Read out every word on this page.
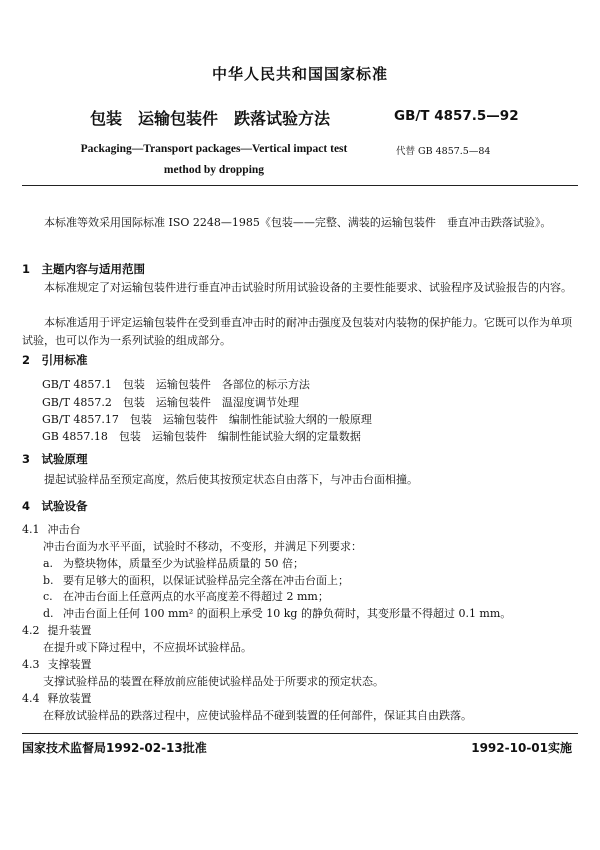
中华人民共和国国家标准
包装　运输包装件　跌落试验方法	GB/T 4857.5—92
Packaging—Transport packages—Vertical impact test method by dropping
代替 GB 4857.5—84
本标准等效采用国际标准 ISO 2248—1985《包装——完整、满装的运输包装件　垂直冲击跌落试验》。
1　主题内容与适用范围
本标准规定了对运输包装件进行垂直冲击试验时所用试验设备的主要性能要求、试验程序及试验报告的内容。
本标准适用于评定运输包装件在受到垂直冲击时的耐冲击强度及包装对内装物的保护能力。它既可以作为单项试验，也可以作为一系列试验的组成部分。
2　引用标准
GB/T 4857.1　包装　运输包装件　各部位的标示方法
GB/T 4857.2　包装　运输包装件　温湿度调节处理
GB/T 4857.17　包装　运输包装件　编制性能试验大纲的一般原理
GB 4857.18　包装　运输包装件　编制性能试验大纲的定量数据
3　试验原理
提起试验样品至预定高度，然后使其按预定状态自由落下，与冲击台面相撞。
4　试验设备
4.1 冲击台
冲击台面为水平平面，试验时不移动，不变形，并满足下列要求：
a. 为整块物体，质量至少为试验样品质量的 50 倍；
b. 要有足够大的面积，以保证试验样品完全落在冲击台面上；
c. 在冲击台面上任意两点的水平高度差不得超过 2 mm；
d. 冲击台面上任何 100 mm² 的面积上承受 10 kg 的静负荷时，其变形量不得超过 0.1 mm。
4.2 提升装置
在提升或下降过程中，不应损坏试验样品。
4.3 支撑装置
支撑试验样品的装置在释放前应能使试验样品处于所要求的预定状态。
4.4 释放装置
在释放试验样品的跌落过程中，应使试验样品不碰到装置的任何部件，保证其自由跌落。
国家技术监督局1992-02-13批准	1992-10-01实施
